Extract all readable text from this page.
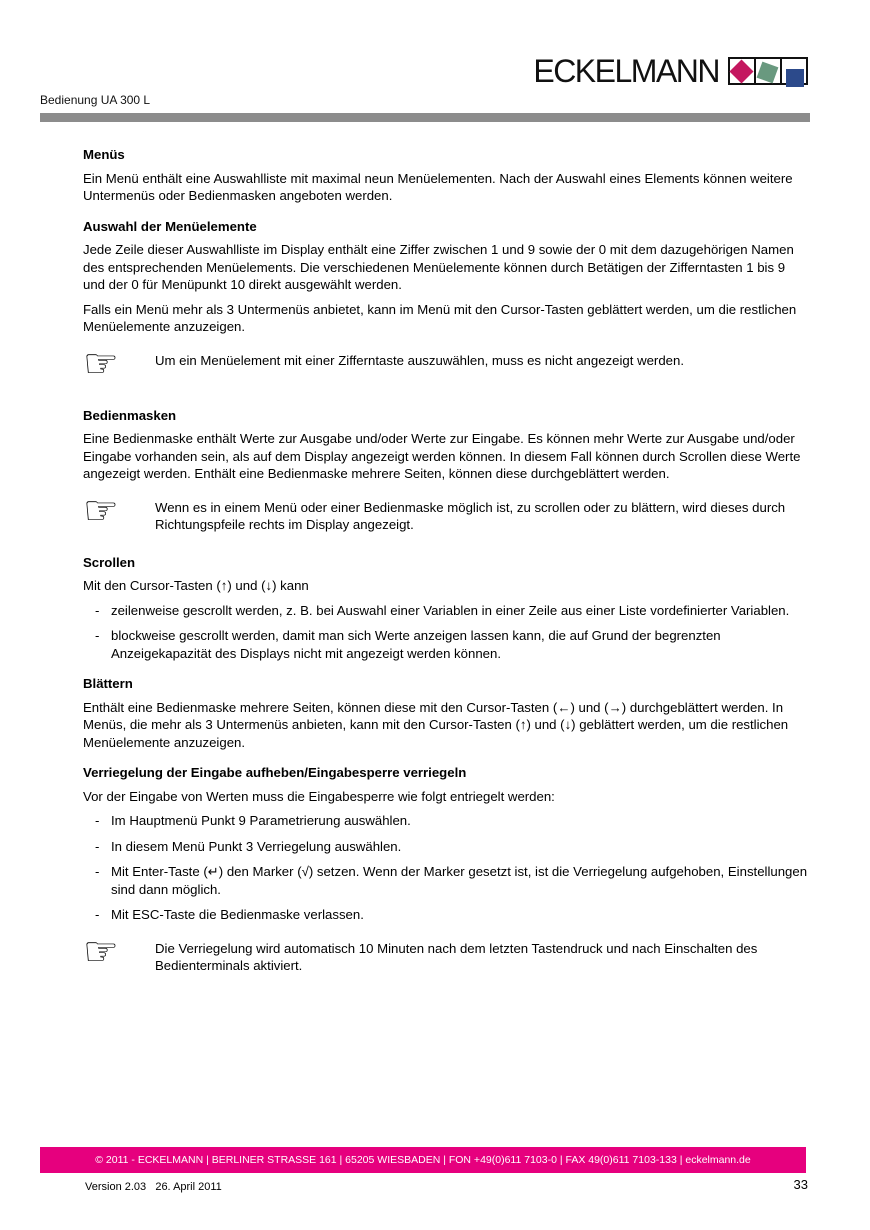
ECKELMANN
Bedienung UA 300 L
Menüs
Ein Menü enthält eine Auswahlliste mit maximal neun Menüelementen. Nach der Auswahl eines Elements können weitere Untermenüs oder Bedienmasken angeboten werden.
Auswahl der Menüelemente
Jede Zeile dieser Auswahlliste im Display enthält eine Ziffer zwischen 1 und 9 sowie der 0 mit dem dazugehörigen Namen des entsprechenden Menüelements. Die verschiedenen Menüelemente können durch Betätigen der Zifferntasten 1 bis 9 und der 0 für Menüpunkt 10 direkt ausgewählt werden.
Falls ein Menü mehr als 3 Untermenüs anbietet, kann im Menü mit den Cursor-Tasten geblättert werden, um die restlichen Menüelemente anzuzeigen.
☞	Um ein Menüelement mit einer Zifferntaste auszuwählen, muss es nicht angezeigt werden.
Bedienmasken
Eine Bedienmaske enthält Werte zur Ausgabe und/oder Werte zur Eingabe. Es können mehr Werte zur Ausgabe und/oder Eingabe vorhanden sein, als auf dem Display angezeigt werden können. In diesem Fall können durch Scrollen diese Werte angezeigt werden. Enthält eine Bedienmaske mehrere Seiten, können diese durchgeblättert werden.
☞	Wenn es in einem Menü oder einer Bedienmaske möglich ist, zu scrollen oder zu blättern, wird dieses durch Richtungspfeile rechts im Display angezeigt.
Scrollen
Mit den Cursor-Tasten (↑) und (↓) kann
- zeilenweise gescrollt werden, z. B. bei Auswahl einer Variablen in einer Zeile aus einer Liste vordefinierter Variablen.
- blockweise gescrollt werden, damit man sich Werte anzeigen lassen kann, die auf Grund der begrenzten Anzeigekapazität des Displays nicht mit angezeigt werden können.
Blättern
Enthält eine Bedienmaske mehrere Seiten, können diese mit den Cursor-Tasten (←) und (→) durchgeblättert werden. In Menüs, die mehr als 3 Untermenüs anbieten, kann mit den Cursor-Tasten (↑) und (↓) geblättert werden, um die restlichen Menüelemente anzuzeigen.
Verriegelung der Eingabe aufheben/Eingabesperre verriegeln
Vor der Eingabe von Werten muss die Eingabesperre wie folgt entriegelt werden:
- Im Hauptmenü Punkt 9 Parametrierung auswählen.
- In diesem Menü Punkt 3 Verriegelung auswählen.
- Mit Enter-Taste (↵) den Marker (√) setzen. Wenn der Marker gesetzt ist, ist die Verriegelung aufgehoben, Einstellungen sind dann möglich.
- Mit ESC-Taste die Bedienmaske verlassen.
☞	Die Verriegelung wird automatisch 10 Minuten nach dem letzten Tastendruck und nach Einschalten des Bedienterminals aktiviert.
© 2011 - ECKELMANN | BERLINER STRASSE 161 | 65205 WIESBADEN | FON +49(0)611 7103-0 | FAX 49(0)611 7103-133 | eckelmann.de
Version 2.03   26. April 2011	33
